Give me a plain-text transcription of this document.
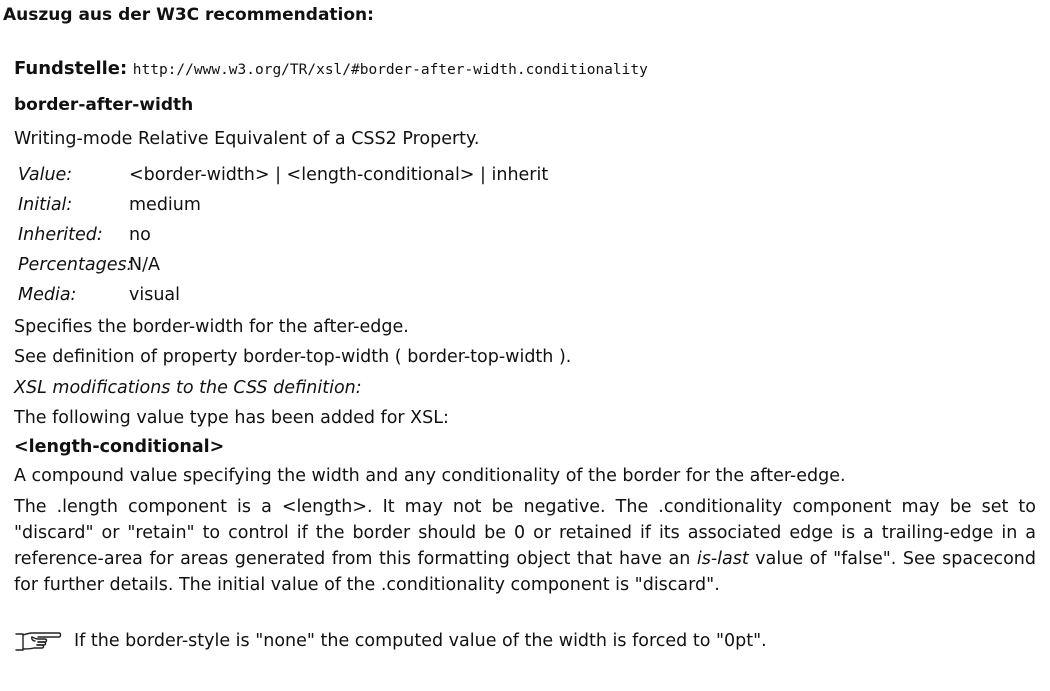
Auszug aus der W3C recommendation:
Fundstelle: http://www.w3.org/TR/xsl/#border-after-width.conditionality
border-after-width
Writing-mode Relative Equivalent of a CSS2 Property.
Value:	<border-width> | <length-conditional> | inherit
Initial:	medium
Inherited: no
Percentages:N/A
Media:	visual
Specifies the border-width for the after-edge.
See definition of property border-top-width ( border-top-width ).
XSL modifications to the CSS definition:
The following value type has been added for XSL:
<length-conditional>
A compound value specifying the width and any conditionality of the border for the after-edge.
The .length component is a <length>. It may not be negative. The .conditionality component may be set to "discard" or "retain" to control if the border should be 0 or retained if its associated edge is a trailing-edge in a reference-area for areas generated from this formatting object that have an is-last value of "false". See spacecond for further details. The initial value of the .conditionality component is "discard".
If the border-style is "none" the computed value of the width is forced to "0pt".
